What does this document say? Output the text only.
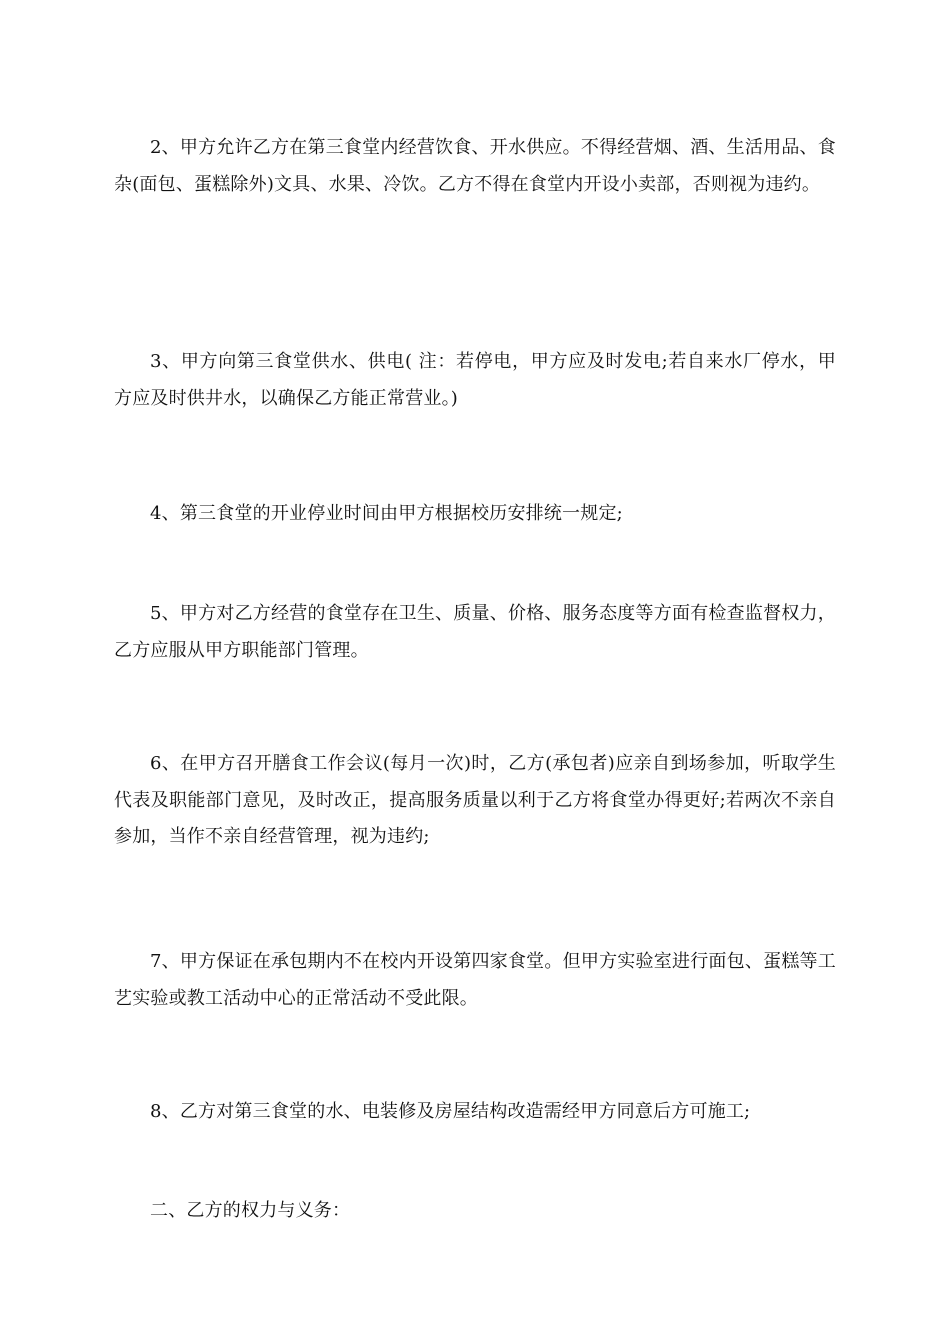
2、甲方允许乙方在第三食堂内经营饮食、开水供应。不得经营烟、酒、生活用品、食杂(面包、蛋糕除外)文具、水果、冷饮。乙方不得在食堂内开设小卖部，否则视为违约。

3、甲方向第三食堂供水、供电( 注：若停电，甲方应及时发电;若自来水厂停水，甲方应及时供井水，以确保乙方能正常营业。)

4、第三食堂的开业停业时间由甲方根据校历安排统一规定;

5、甲方对乙方经营的食堂存在卫生、质量、价格、服务态度等方面有检查监督权力，乙方应服从甲方职能部门管理。

6、在甲方召开膳食工作会议(每月一次)时，乙方(承包者)应亲自到场参加，听取学生代表及职能部门意见，及时改正，提高服务质量以利于乙方将食堂办得更好;若两次不亲自参加，当作不亲自经营管理，视为违约;

7、甲方保证在承包期内不在校内开设第四家食堂。但甲方实验室进行面包、蛋糕等工艺实验或教工活动中心的正常活动不受此限。

8、乙方对第三食堂的水、电装修及房屋结构改造需经甲方同意后方可施工;

二、乙方的权力与义务：
